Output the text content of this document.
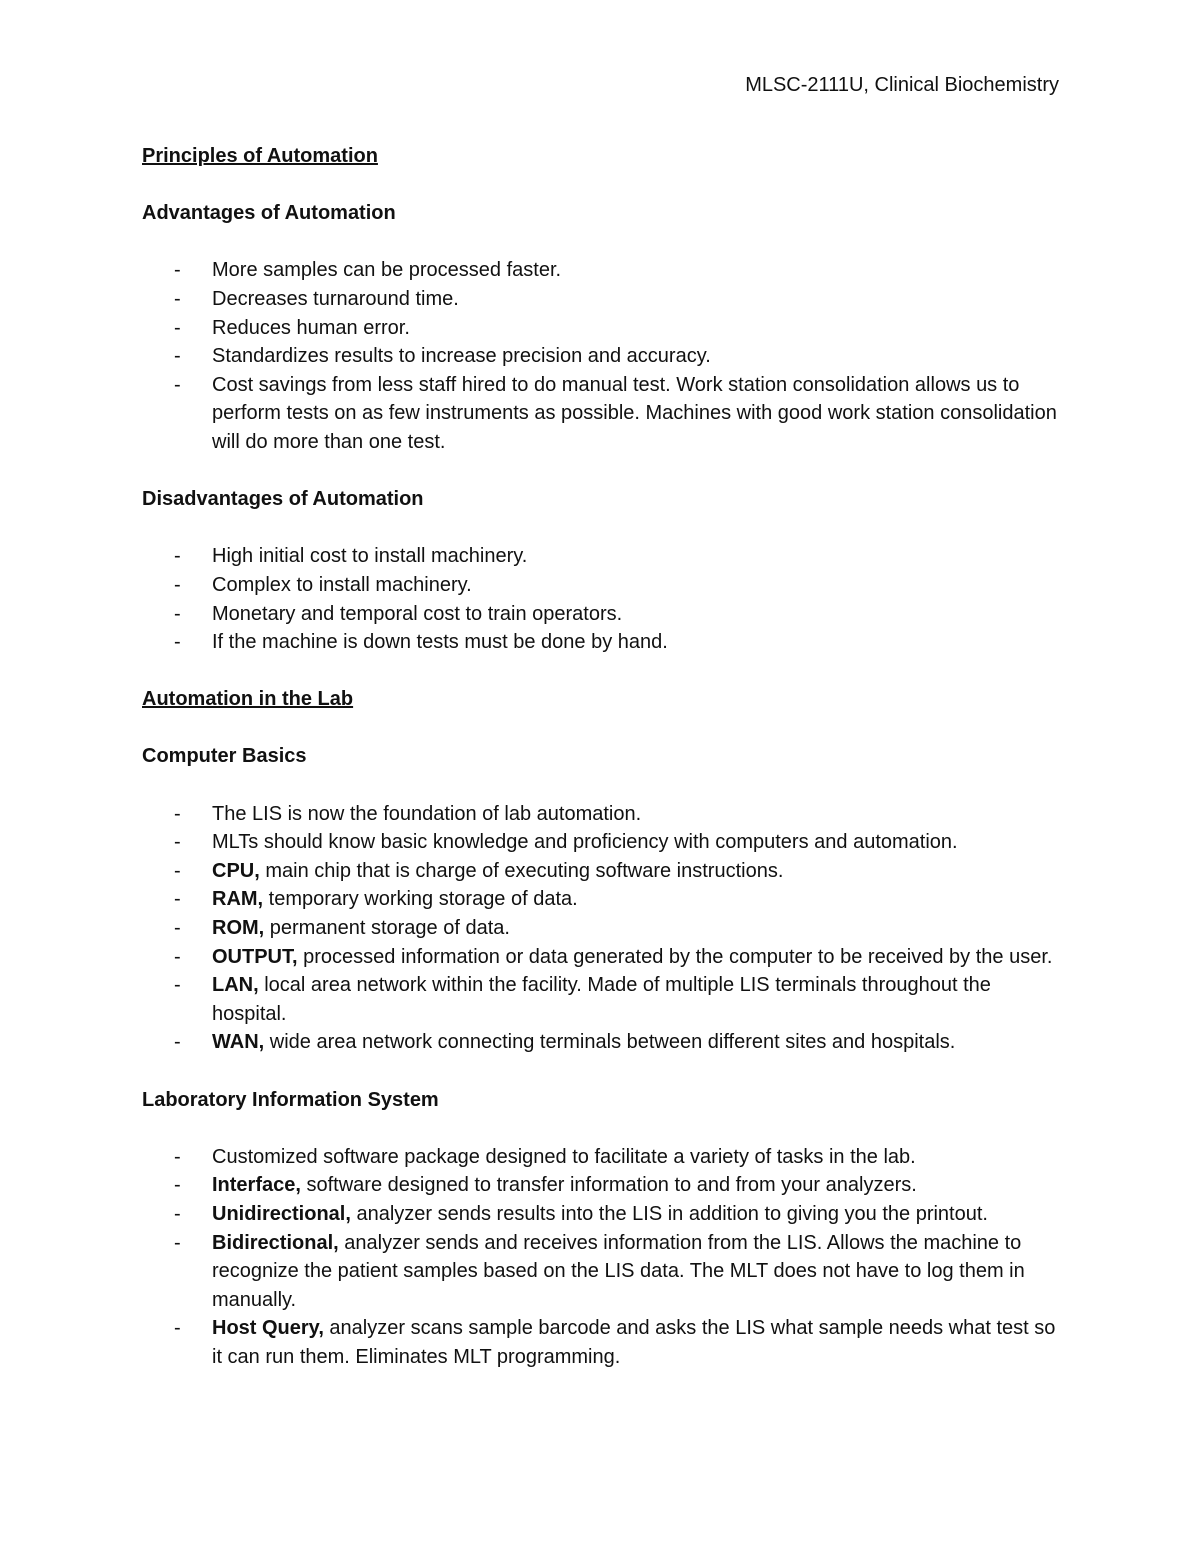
MLSC-2111U, Clinical Biochemistry
Principles of Automation
Advantages of Automation
- More samples can be processed faster.
- Decreases turnaround time.
- Reduces human error.
- Standardizes results to increase precision and accuracy.
- Cost savings from less staff hired to do manual test. Work station consolidation allows us to perform tests on as few instruments as possible. Machines with good work station consolidation will do more than one test.
Disadvantages of Automation
- High initial cost to install machinery.
- Complex to install machinery.
- Monetary and temporal cost to train operators.
- If the machine is down tests must be done by hand.
Automation in the Lab
Computer Basics
- The LIS is now the foundation of lab automation.
- MLTs should know basic knowledge and proficiency with computers and automation.
- CPU, main chip that is charge of executing software instructions.
- RAM, temporary working storage of data.
- ROM, permanent storage of data.
- OUTPUT, processed information or data generated by the computer to be received by the user.
- LAN, local area network within the facility. Made of multiple LIS terminals throughout the hospital.
- WAN, wide area network connecting terminals between different sites and hospitals.
Laboratory Information System
- Customized software package designed to facilitate a variety of tasks in the lab.
- Interface, software designed to transfer information to and from your analyzers.
- Unidirectional, analyzer sends results into the LIS in addition to giving you the printout.
- Bidirectional, analyzer sends and receives information from the LIS. Allows the machine to recognize the patient samples based on the LIS data. The MLT does not have to log them in manually.
- Host Query, analyzer scans sample barcode and asks the LIS what sample needs what test so it can run them. Eliminates MLT programming.
